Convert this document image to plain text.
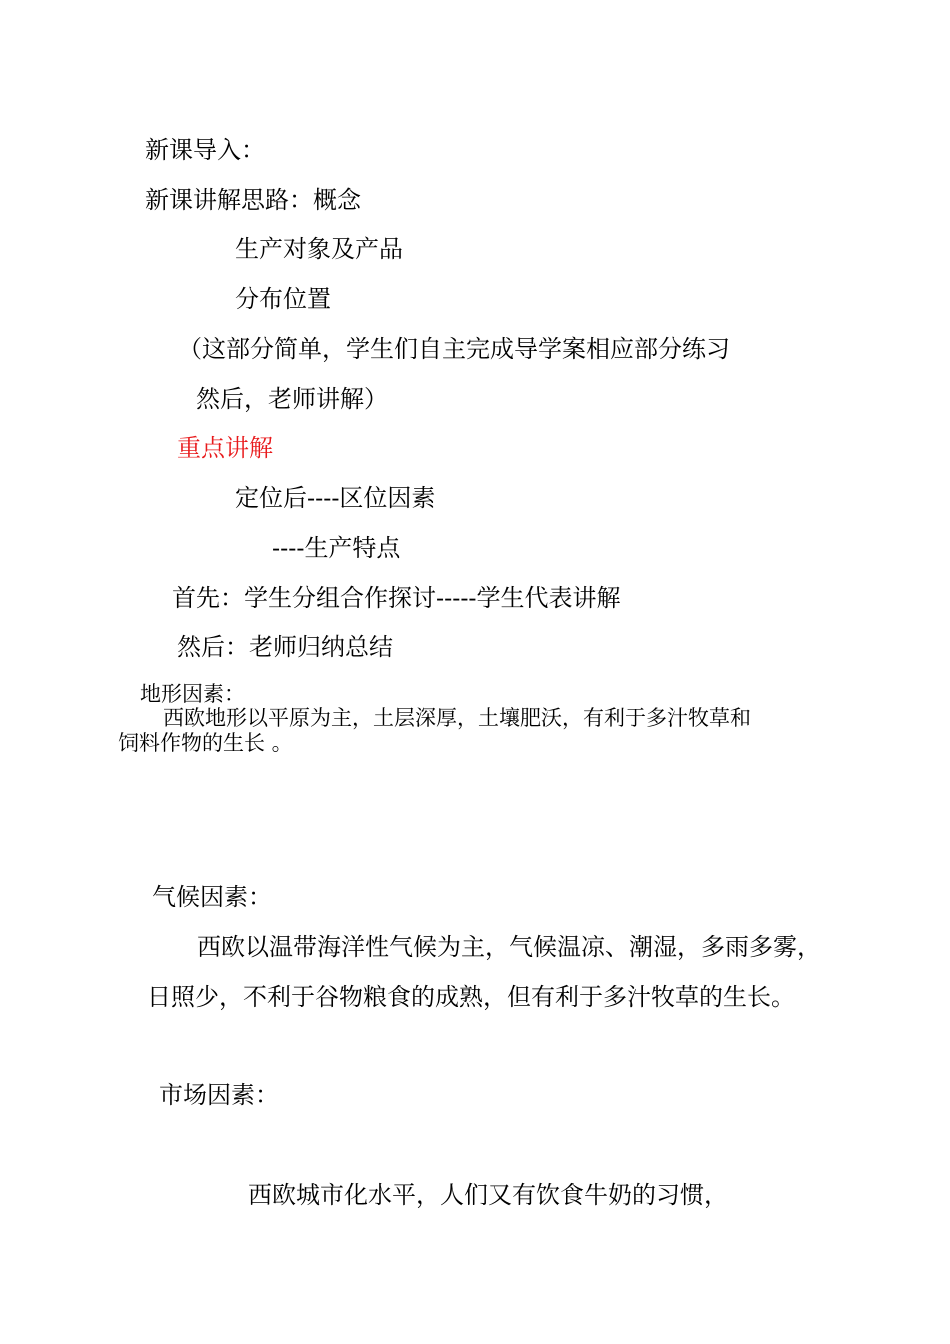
新课导入：
新课讲解思路：概念
生产对象及产品
分布位置
（这部分简单，学生们自主完成导学案相应部分练习
然后，老师讲解）
重点讲解
定位后----区位因素
----生产特点
首先：学生分组合作探讨-----学生代表讲解
然后：老师归纳总结
地形因素：
西欧地形以平原为主，土层深厚，土壤肥沃，有利于多汁牧草和
饲料作物的生长 。
气候因素：
西欧以温带海洋性气候为主，气候温凉、潮湿，多雨多雾，
日照少，不利于谷物粮食的成熟，但有利于多汁牧草的生长。
市场因素：
西欧城市化水平，人们又有饮食牛奶的习惯，
